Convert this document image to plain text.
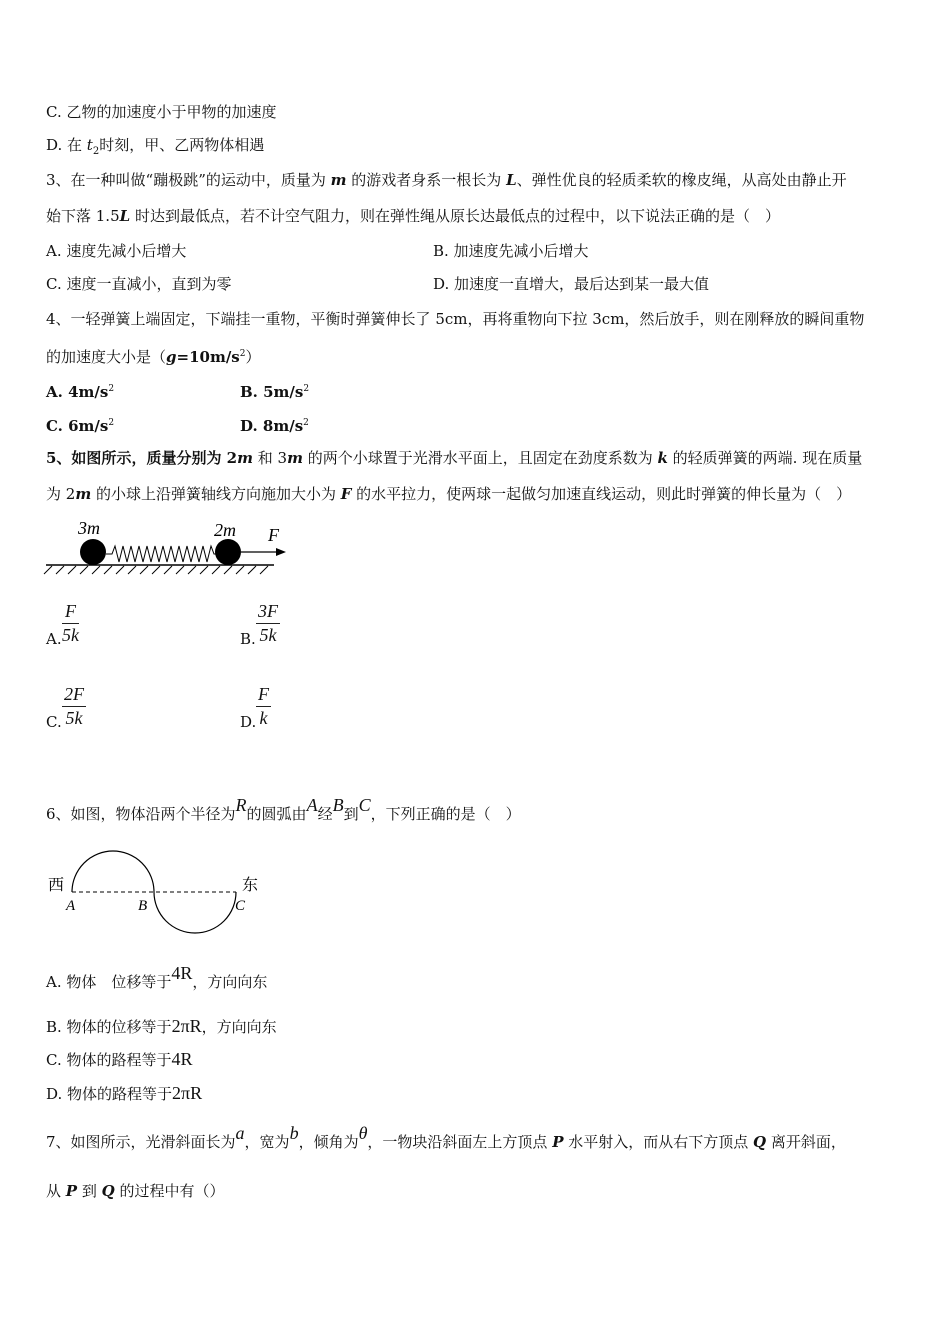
C. 乙物的加速度小于甲物的加速度
D. 在 $t_2$时刻，甲、乙两物体相遇
3、在一种叫做“蹦极跳”的运动中，质量为 m 的游戏者身系一根长为 L、弹性优良的轻质柔软的橡皮绳，从高处由静止开
始下落 1.5L 时达到最低点，若不计空气阻力，则在弹性绳从原长达最低点的过程中，以下说法正确的是（　）
A. 速度先减小后增大	B. 加速度先减小后增大
C. 速度一直减小，直到为零	D. 加速度一直增大，最后达到某一最大值
4、一轻弹簧上端固定，下端挂一重物，平衡时弹簧伸长了 5cm，再将重物向下拉 3cm，然后放手，则在刚释放的瞬间重物
的加速度大小是$(g=10m/s^2)$
A. $4m/s^2$	B. $5m/s^2$
C. $6m/s^2$	D. $8m/s^2$
5、如图所示，质量分别为 2m 和 3m 的两个小球置于光滑水平面上，且固定在劲度系数为 k 的轻质弹簧的两端. 现在质量
为 2m 的小球上沿弹簧轴线方向施加大小为 F 的水平拉力，使两球一起做匀加速直线运动，则此时弹簧的伸长量为（　）
3m	2m F
A. $\frac{F}{5k}$	B. $\frac{3F}{5k}$
C. $\frac{2F}{5k}$	D. $\frac{F}{k}$
6、如图，物体沿两个半径为R的圆弧由A经B到C，下列正确的是（　）
西	东
A	B	C
A. 物体　位移等于4R，方向向东
B. 物体的位移等于2πR，方向向东
C. 物体的路程等于4R
D. 物体的路程等于2πR
7、如图所示，光滑斜面长为a，宽为b，倾角为θ，一物块沿斜面左上方顶点 P 水平射入，而从右下方顶点 Q 离开斜面，
从 P 到 Q 的过程中有（）
